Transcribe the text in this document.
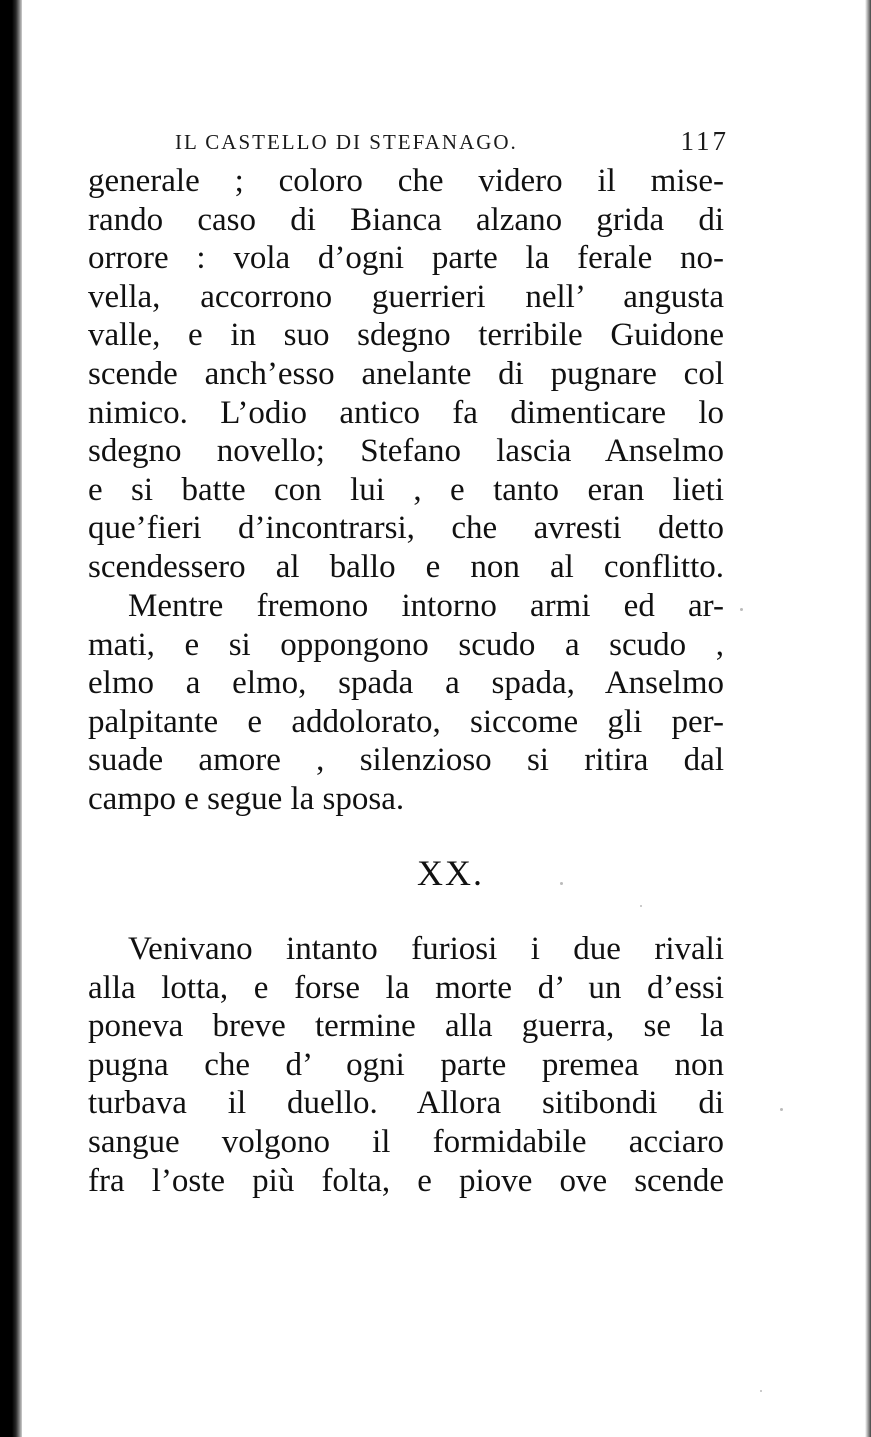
IL CASTELLO DI STEFANAGO.	117
generale ; coloro che videro il mise-
rando caso di Bianca alzano grida di
orrore : vola d’ogni parte la ferale no-
vella, accorrono guerrieri nell’ angusta
valle, e in suo sdegno terribile Guidone
scende anch’esso anelante di pugnare col
nimico. L’odio antico fa dimenticare lo
sdegno novello; Stefano lascia Anselmo
e si batte con lui , e tanto eran lieti
que’fieri d’incontrarsi, che avresti detto
scendessero al ballo e non al conflitto.
Mentre fremono intorno armi ed ar-
mati, e si oppongono scudo a scudo ,
elmo a elmo, spada a spada, Anselmo
palpitante e addolorato, siccome gli per-
suade amore , silenzioso si ritira dal
campo e segue la sposa.
XX.
Venivano intanto furiosi i due rivali
alla lotta, e forse la morte d’ un d’essi
poneva breve termine alla guerra, se la
pugna che d’ ogni parte premea non
turbava il duello. Allora sitibondi di
sangue volgono il formidabile acciaro
fra l’oste più folta, e piove ove scende
